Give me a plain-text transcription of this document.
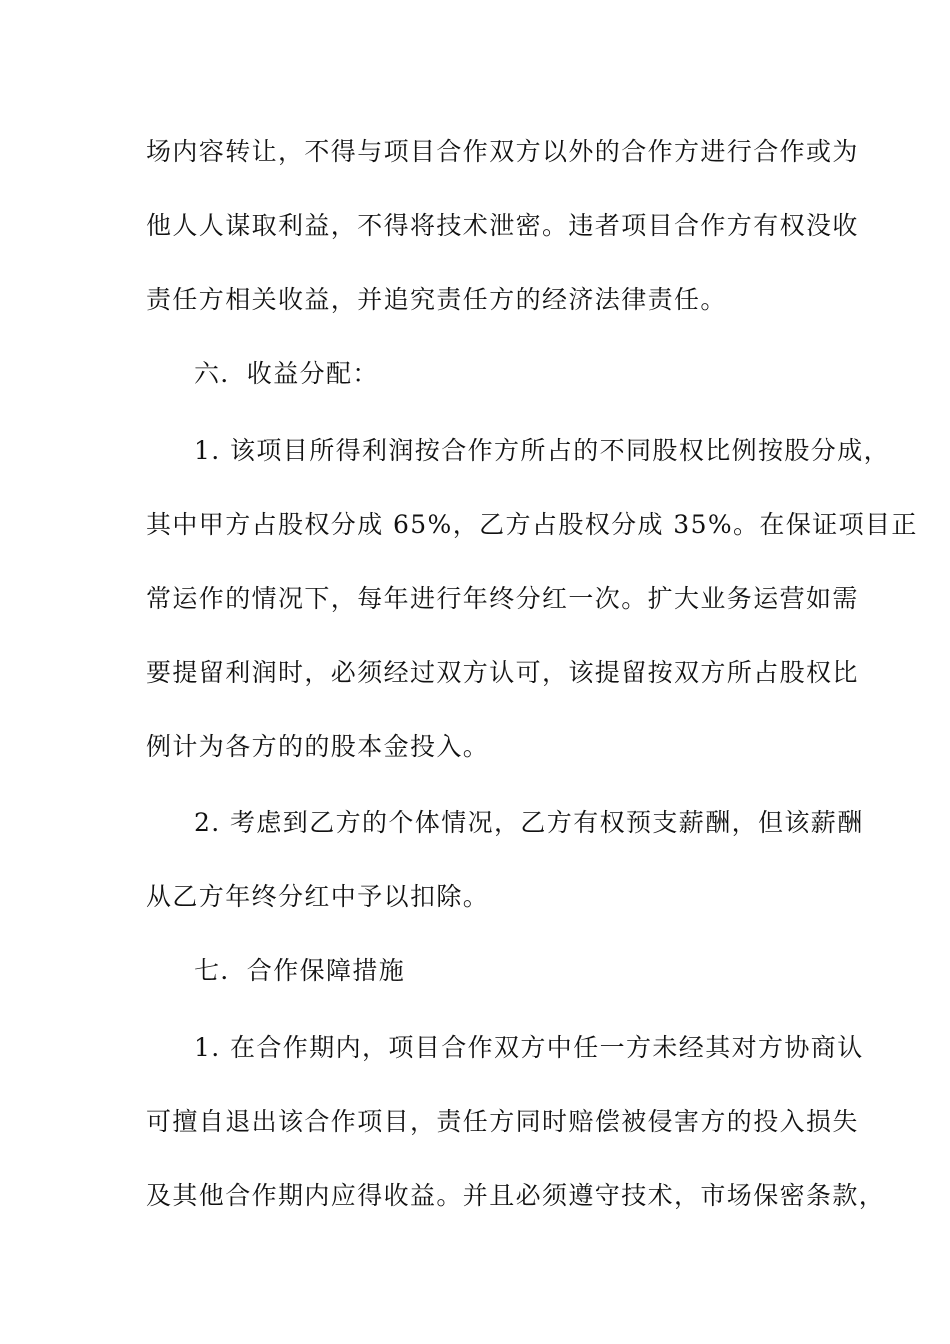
场内容转让，不得与项目合作双方以外的合作方进行合作或为
他人人谋取利益，不得将技术泄密。违者项目合作方有权没收
责任方相关收益，并追究责任方的经济法律责任。
六．收益分配：
1. 该项目所得利润按合作方所占的不同股权比例按股分成，
其中甲方占股权分成 65%，乙方占股权分成 35%。在保证项目正
常运作的情况下，每年进行年终分红一次。扩大业务运营如需
要提留利润时，必须经过双方认可，该提留按双方所占股权比
例计为各方的的股本金投入。
2. 考虑到乙方的个体情况，乙方有权预支薪酬，但该薪酬
从乙方年终分红中予以扣除。
七．合作保障措施
1. 在合作期内，项目合作双方中任一方未经其对方协商认
可擅自退出该合作项目，责任方同时赔偿被侵害方的投入损失
及其他合作期内应得收益。并且必须遵守技术，市场保密条款，
